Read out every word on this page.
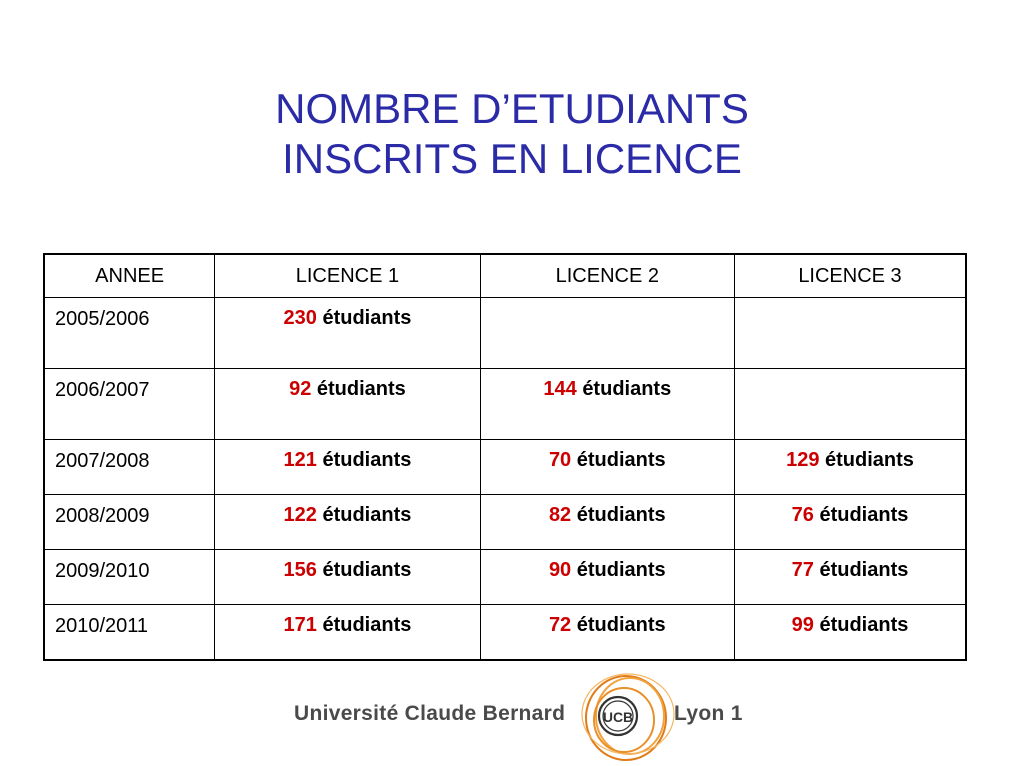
NOMBRE D’ETUDIANTS
INSCRITS EN LICENCE
ANNEE	LICENCE 1	LICENCE 2	LICENCE 3
2005/2006	230 étudiants		
2006/2007	92 étudiants	144 étudiants	
2007/2008	121 étudiants	70 étudiants	129 étudiants
2008/2009	122 étudiants	82 étudiants	76 étudiants
2009/2010	156 étudiants	90 étudiants	77 étudiants
2010/2011	171 étudiants	72 étudiants	99 étudiants
Université Claude Bernard	UCB Lyon 1
